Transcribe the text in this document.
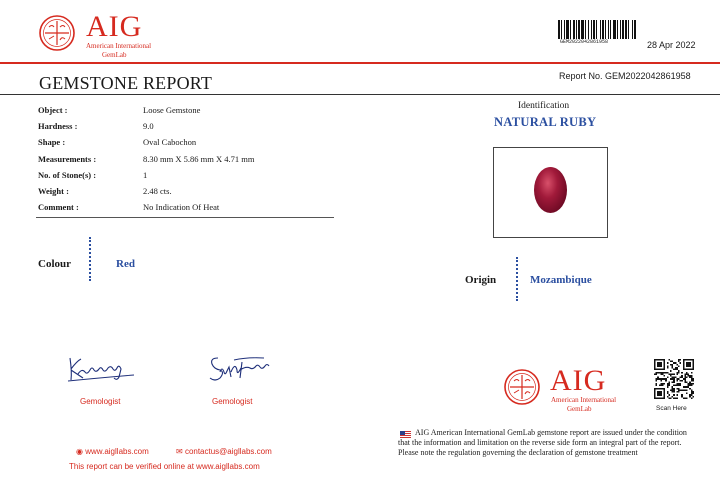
AIG
American International
GemLab
GEM2022042861958	28 Apr 2022
GEMSTONE REPORT	Report No. GEM2022042861958
Object :	Loose Gemstone
Hardness :	9.0
Shape :	Oval Cabochon
Measurements :	8.30 mm X 5.86 mm X 4.71 mm
No. of Stone(s) :	1
Weight :	2.48 cts.
Comment :	No Indication Of Heat
Colour	Red
Gemologist	Gemologist
◉ www.aigllabs.com	✉ contactus@aigllabs.com
This report can be verified online at www.aigllabs.com
Identification
NATURAL RUBY
Origin	Mozambique
AIG
American International
GemLab	Scan Here
AIG American International GemLab gemstone report are issued under the condition that the information and limitation on the reverse side form an integral part of the report. Please note the regulation governing the declaration of gemstone treatment
